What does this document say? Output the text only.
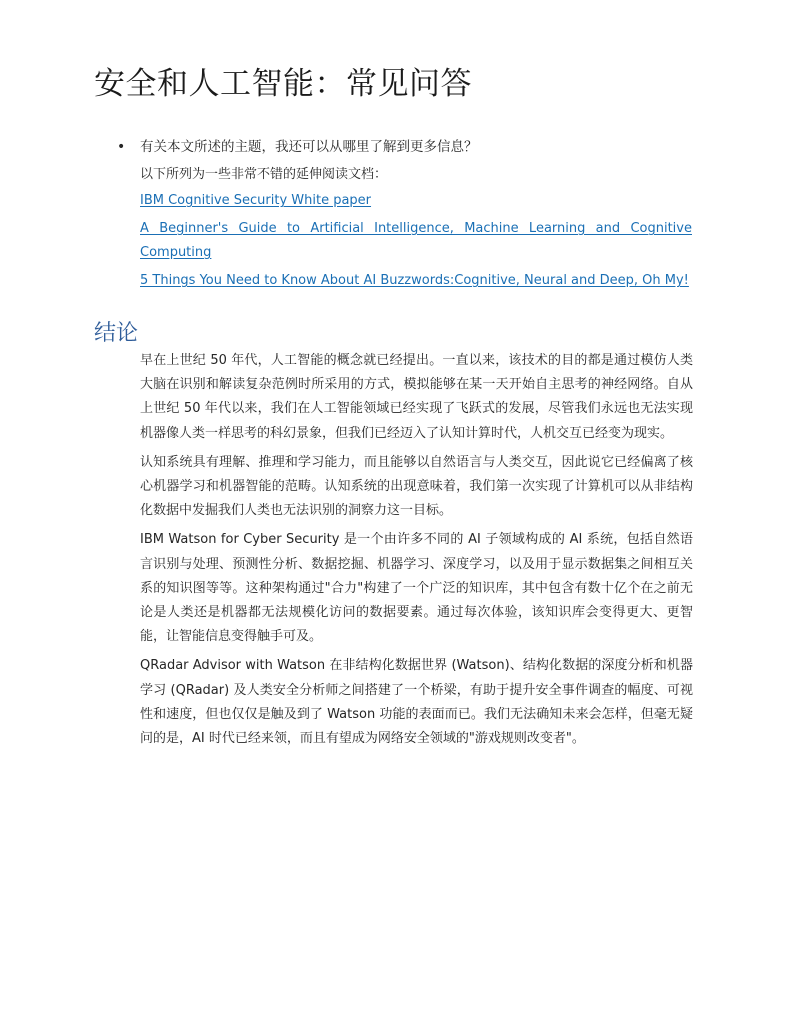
安全和人工智能：常见问答
• 有关本文所述的主题，我还可以从哪里了解到更多信息？

以下所列为一些非常不错的延伸阅读文档：

IBM Cognitive Security White paper
A Beginner's Guide to Artificial Intelligence, Machine Learning and Cognitive Computing
5 Things You Need to Know About AI Buzzwords:Cognitive, Neural and Deep, Oh My!
结论

早在上世纪 50 年代，人工智能的概念就已经提出。一直以来，该技术的目的都是通过模仿人类大脑在识别和解读复杂范例时所采用的方式，模拟能够在某一天开始自主思考的神经网络。自从上世纪 50 年代以来，我们在人工智能领域已经实现了飞跃式的发展，尽管我们永远也无法实现机器像人类一样思考的科幻景象，但我们已经迈入了认知计算时代，人机交互已经变为现实。

认知系统具有理解、推理和学习能力，而且能够以自然语言与人类交互，因此说它已经偏离了核心机器学习和机器智能的范畴。认知系统的出现意味着，我们第一次实现了计算机可以从非结构化数据中发掘我们人类也无法识别的洞察力这一目标。

IBM Watson for Cyber Security 是一个由许多不同的 AI 子领域构成的 AI 系统，包括自然语言识别与处理、预测性分析、数据挖掘、机器学习、深度学习，以及用于显示数据集之间相互关系的知识图等等。这种架构通过"合力"构建了一个广泛的知识库，其中包含有数十亿个在之前无论是人类还是机器都无法规模化访问的数据要素。通过每次体验，该知识库会变得更大、更智能，让智能信息变得触手可及。

QRadar Advisor with Watson 在非结构化数据世界 (Watson)、结构化数据的深度分析和机器学习 (QRadar) 及人类安全分析师之间搭建了一个桥梁，有助于提升安全事件调查的幅度、可视性和速度，但也仅仅是触及到了 Watson 功能的表面而已。我们无法确知未来会怎样，但毫无疑问的是，AI 时代已经来领，而且有望成为网络安全领域的"游戏规则改变者"。
